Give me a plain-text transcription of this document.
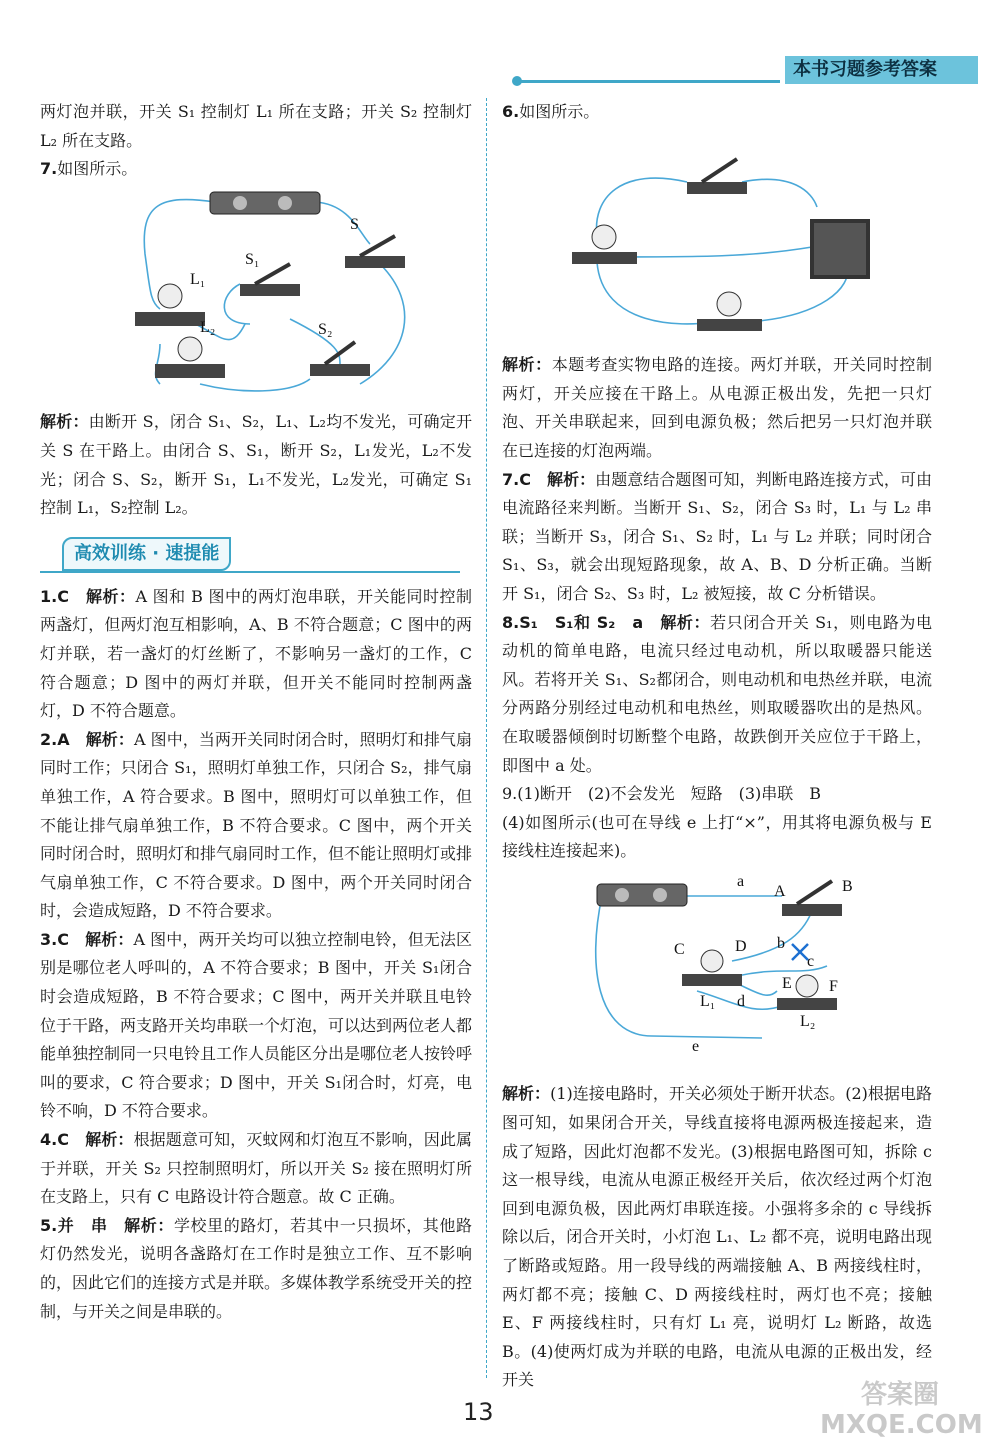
本书习题参考答案

两灯泡并联，开关 S₁ 控制灯 L₁ 所在支路；开关 S₂ 控制灯 L₂ 所在支路。

7.如图所示。

L₁
S
S₁
L₂	S₂

解析：由断开 S，闭合 S₁、S₂，L₁、L₂均不发光，可确定开关 S 在干路上。由闭合 S、S₁，断开 S₂，L₁发光，L₂不发光；闭合 S、S₂，断开 S₁，L₁不发光，L₂发光，可确定 S₁控制 L₁，S₂控制 L₂。

高效训练 · 速提能

1.C　解析：A 图和 B 图中的两灯泡串联，开关能同时控制两盏灯，但两灯泡互相影响，A、B 不符合题意；C 图中的两灯并联，若一盏灯的灯丝断了，不影响另一盏灯的工作，C 符合题意；D 图中的两灯并联，但开关不能同时控制两盏灯，D 不符合题意。

2.A　解析：A 图中，当两开关同时闭合时，照明灯和排气扇同时工作；只闭合 S₁，照明灯单独工作，只闭合 S₂，排气扇单独工作，A 符合要求。B 图中，照明灯可以单独工作，但不能让排气扇单独工作，B 不符合要求。C 图中，两个开关同时闭合时，照明灯和排气扇同时工作，但不能让照明灯或排气扇单独工作，C 不符合要求。D 图中，两个开关同时闭合时，会造成短路，D 不符合要求。

3.C　解析：A 图中，两开关均可以独立控制电铃，但无法区别是哪位老人呼叫的，A 不符合要求；B 图中，开关 S₁闭合时会造成短路，B 不符合要求；C 图中，两开关并联且电铃位于干路，两支路开关均串联一个灯泡，可以达到两位老人都能单独控制同一只电铃且工作人员能区分出是哪位老人按铃呼叫的要求，C 符合要求；D 图中，开关 S₁闭合时，灯亮，电铃不响，D 不符合要求。

4.C　解析：根据题意可知，灭蚊网和灯泡互不影响，因此属于并联，开关 S₂ 只控制照明灯，所以开关 S₂ 接在照明灯所在支路上，只有 C 电路设计符合题意。故 C 正确。

5.并　串　解析：学校里的路灯，若其中一只损坏，其他路灯仍然发光，说明各盏路灯在工作时是独立工作、互不影响的，因此它们的连接方式是并联。多媒体教学系统受开关的控制，与开关之间是串联的。

6.如图所示。

解析：本题考查实物电路的连接。两灯并联，开关同时控制两灯，开关应接在干路上。从电源正极出发，先把一只灯泡、开关串联起来，回到电源负极；然后把另一只灯泡并联在已连接的灯泡两端。

7.C　解析：由题意结合题图可知，判断电路连接方式，可由电流路径来判断。当断开 S₁、S₂，闭合 S₃ 时，L₁ 与 L₂ 串联；当断开 S₃，闭合 S₁、S₂ 时，L₁ 与 L₂ 并联；同时闭合 S₁、S₃，就会出现短路现象，故 A、B、D 分析正确。当断开 S₁，闭合 S₂、S₃ 时，L₂ 被短接，故 C 分析错误。

8.S₁　S₁和 S₂　a　解析：若只闭合开关 S₁，则电路为电动机的简单电路，电流只经过电动机，所以取暖器只能送风。若将开关 S₁、S₂都闭合，则电动机和电热丝并联，电流分两路分别经过电动机和电热丝，则取暖器吹出的是热风。在取暖器倾倒时切断整个电路，故跌倒开关应位于干路上，即图中 a 处。

9.(1)断开　(2)不会发光　短路　(3)串联　B

(4)如图所示(也可在导线 e 上打“×”，用其将电源负极与 E 接线柱连接起来)。

a
A	B
b
C	D
c
E F
L₁ d
e
L₂

解析：(1)连接电路时，开关必须处于断开状态。(2)根据电路图可知，如果闭合开关，导线直接将电源两极连接起来，造成了短路，因此灯泡都不发光。(3)根据电路图可知，拆除 c 这一根导线，电流从电源正极经开关后，依次经过两个灯泡回到电源负极，因此两灯串联连接。小强将多余的 c 导线拆除以后，闭合开关时，小灯泡 L₁、L₂ 都不亮，说明电路出现了断路或短路。用一段导线的两端接触 A、B 两接线柱时，两灯都不亮；接触 C、D 两接线柱时，两灯也不亮；接触 E、F 两接线柱时，只有灯 L₁ 亮，说明灯 L₂ 断路，故选 B。(4)使两灯成为并联的电路，电流从电源的正极出发，经开关

13
答案圈
MXQE.COM
